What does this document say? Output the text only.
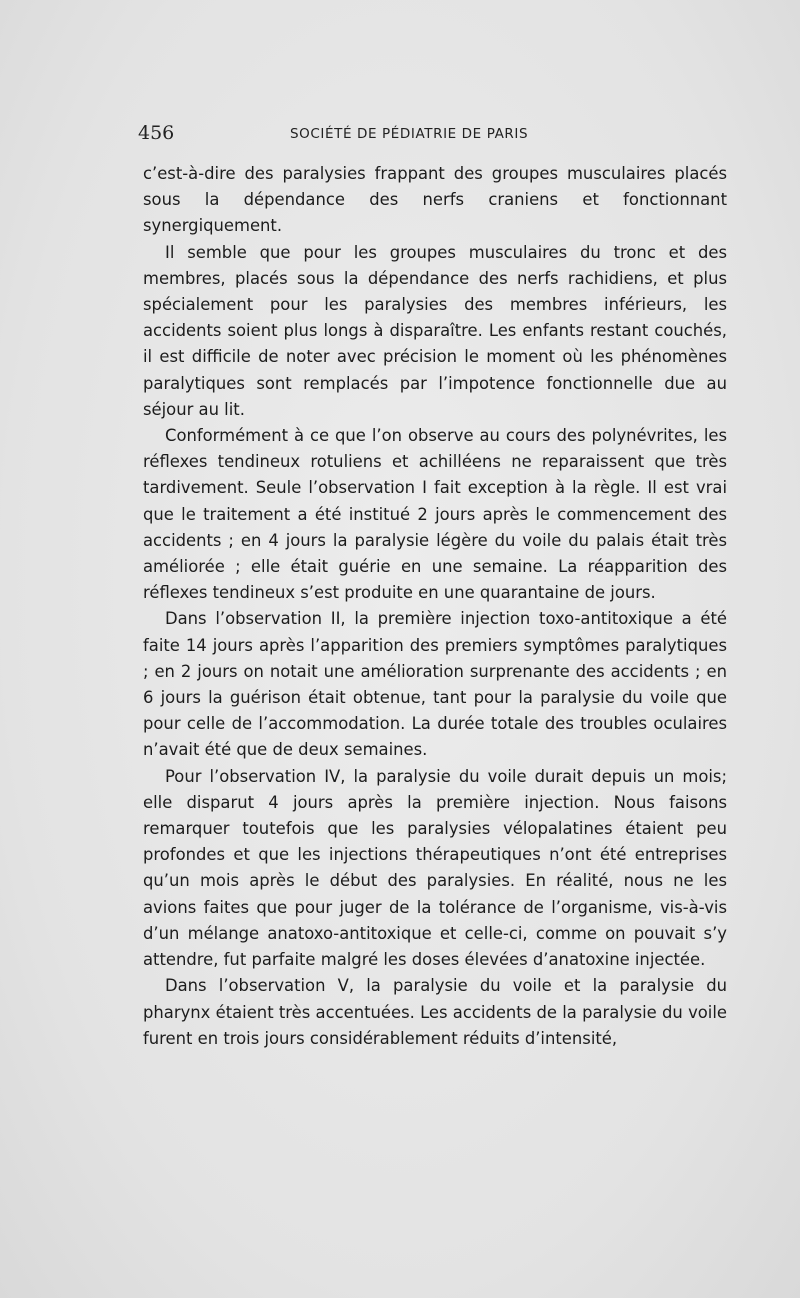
456	SOCIÉTÉ DE PÉDIATRIE DE PARIS

c’est-à-dire des paralysies frappant des groupes musculaires placés sous la dépendance des nerfs craniens et fonctionnant synergiquement.

Il semble que pour les groupes musculaires du tronc et des membres, placés sous la dépendance des nerfs rachidiens, et plus spécialement pour les paralysies des membres inférieurs, les accidents soient plus longs à disparaître. Les enfants restant couchés, il est difficile de noter avec précision le moment où les phénomènes paralytiques sont remplacés par l’impotence fonctionnelle due au séjour au lit.

Conformément à ce que l’on observe au cours des polynévrites, les réflexes tendineux rotuliens et achilléens ne reparaissent que très tardivement. Seule l’observation I fait exception à la règle. Il est vrai que le traitement a été institué 2 jours après le commencement des accidents ; en 4 jours la paralysie légère du voile du palais était très améliorée ; elle était guérie en une semaine. La réapparition des réflexes tendineux s’est produite en une quarantaine de jours.

Dans l’observation II, la première injection toxo-antitoxique a été faite 14 jours après l’apparition des premiers symptômes paralytiques ; en 2 jours on notait une amélioration surprenante des accidents ; en 6 jours la guérison était obtenue, tant pour la paralysie du voile que pour celle de l’accommodation. La durée totale des troubles oculaires n’avait été que de deux semaines.

Pour l’observation IV, la paralysie du voile durait depuis un mois; elle disparut 4 jours après la première injection. Nous faisons remarquer toutefois que les paralysies vélopalatines étaient peu profondes et que les injections thérapeutiques n’ont été entreprises qu’un mois après le début des paralysies. En réalité, nous ne les avions faites que pour juger de la tolérance de l’organisme, vis-à-vis d’un mélange anatoxo-antitoxique et celle-ci, comme on pouvait s’y attendre, fut parfaite malgré les doses élevées d’anatoxine injectée.

Dans l’observation V, la paralysie du voile et la paralysie du pharynx étaient très accentuées. Les accidents de la paralysie du voile furent en trois jours considérablement réduits d’intensité,
